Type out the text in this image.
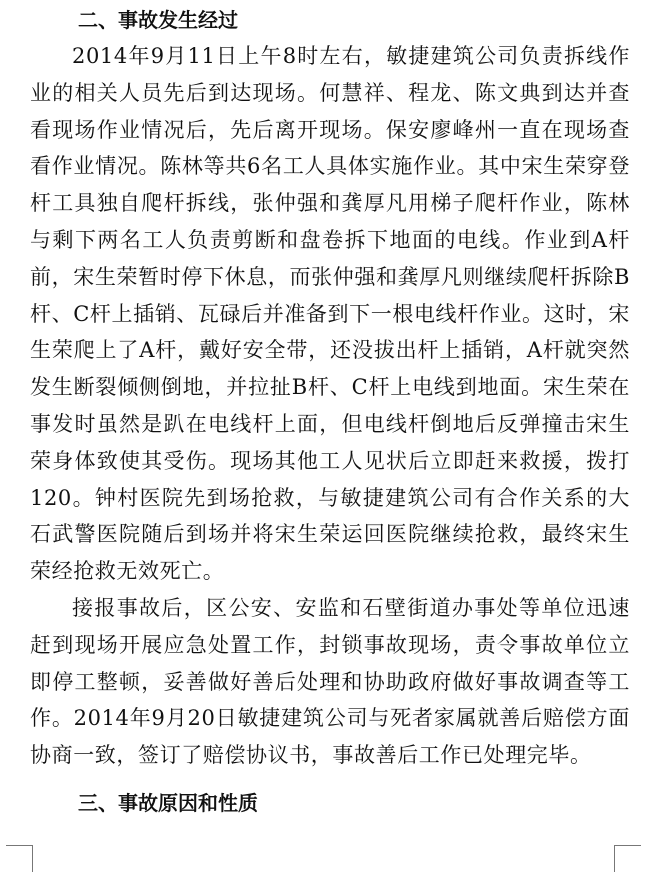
二、事故发生经过

2014年9月11日上午8时左右，敏捷建筑公司负责拆线作业的相关人员先后到达现场。何慧祥、程龙、陈文典到达并查看现场作业情况后，先后离开现场。保安廖峰州一直在现场查看作业情况。陈林等共6名工人具体实施作业。其中宋生荣穿登杆工具独自爬杆拆线，张仲强和龚厚凡用梯子爬杆作业，陈林与剩下两名工人负责剪断和盘卷拆下地面的电线。作业到A杆前，宋生荣暂时停下休息，而张仲强和龚厚凡则继续爬杆拆除B杆、C杆上插销、瓦碌后并准备到下一根电线杆作业。这时，宋生荣爬上了A杆，戴好安全带，还没拔出杆上插销，A杆就突然发生断裂倾侧倒地，并拉扯B杆、C杆上电线到地面。宋生荣在事发时虽然是趴在电线杆上面，但电线杆倒地后反弹撞击宋生荣身体致使其受伤。现场其他工人见状后立即赶来救援，拨打120。钟村医院先到场抢救，与敏捷建筑公司有合作关系的大石武警医院随后到场并将宋生荣运回医院继续抢救，最终宋生荣经抢救无效死亡。

接报事故后，区公安、安监和石壁街道办事处等单位迅速赶到现场开展应急处置工作，封锁事故现场，责令事故单位立即停工整顿，妥善做好善后处理和协助政府做好事故调查等工作。2014年9月20日敏捷建筑公司与死者家属就善后赔偿方面协商一致，签订了赔偿协议书，事故善后工作已处理完毕。

三、事故原因和性质
